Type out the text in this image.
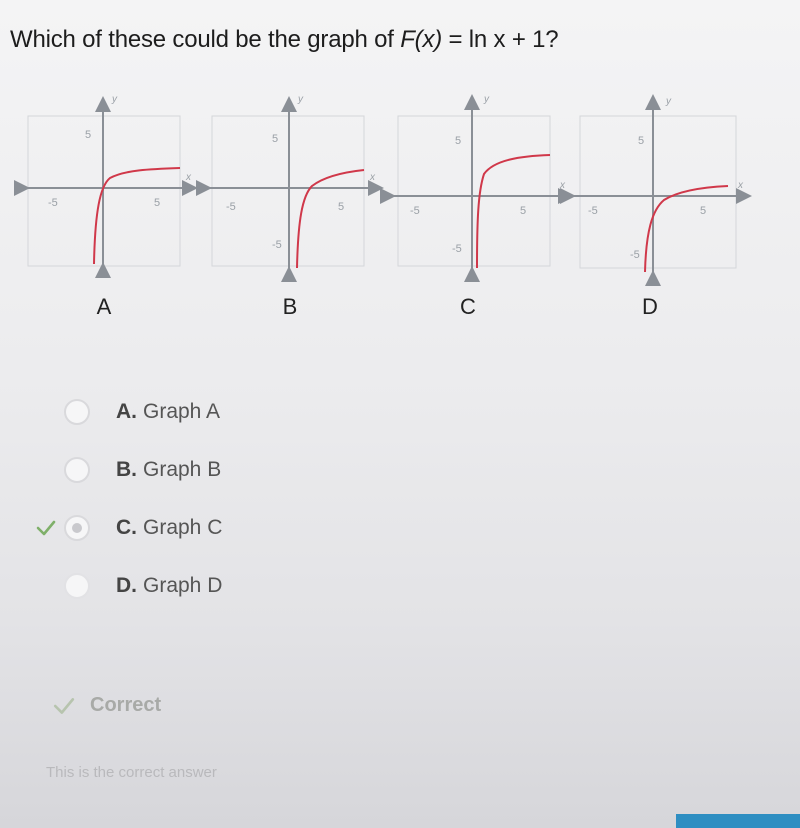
Which of these could be the graph of F(x) = ln x + 1?
-5	5
5
y
x
-5	5
5
-5
y
x
-5	5
5
-5
y
x
-5	5
5
-5
y
x
A	B	C	D
A. Graph A
B. Graph B
C. Graph C
D. Graph D
Correct
This is the correct answer
